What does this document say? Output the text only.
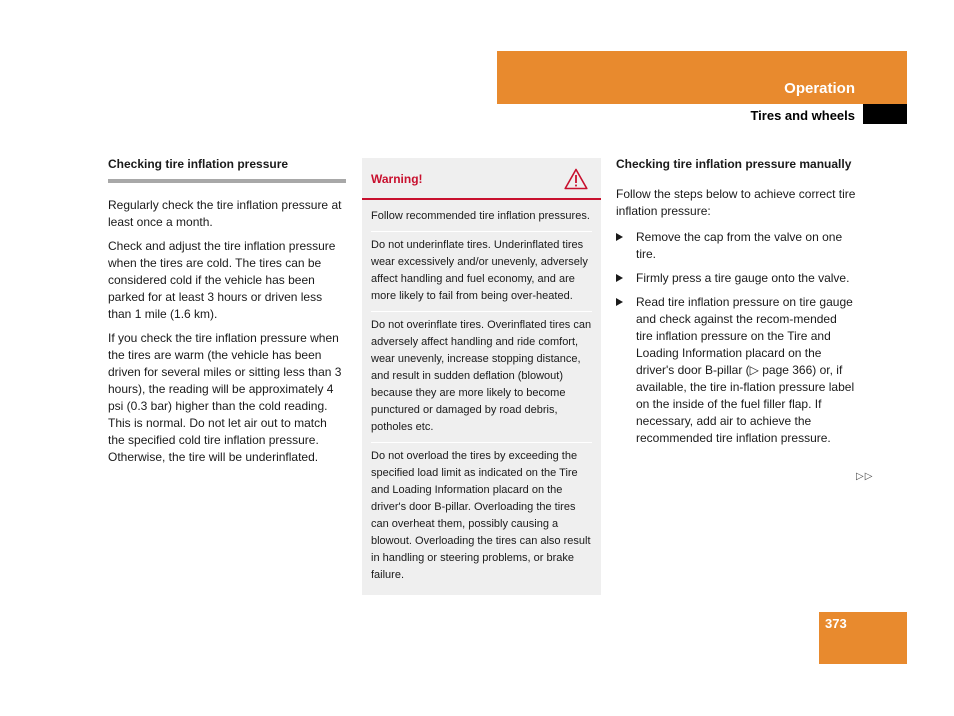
Operation
Tires and wheels
Checking tire inflation pressure

Regularly check the tire inflation pressure at least once a month.

Check and adjust the tire inflation pressure when the tires are cold. The tires can be considered cold if the vehicle has been parked for at least 3 hours or driven less than 1 mile (1.6 km).

If you check the tire inflation pressure when the tires are warm (the vehicle has been driven for several miles or sitting less than 3 hours), the reading will be approximately 4 psi (0.3 bar) higher than the cold reading. This is normal. Do not let air out to match the specified cold tire inflation pressure. Otherwise, the tire will be underinflated.

Warning!

Follow recommended tire inflation pressures.

Do not underinflate tires. Underinflated tires wear excessively and/or unevenly, adversely affect handling and fuel economy, and are more likely to fail from being over-heated.

Do not overinflate tires. Overinflated tires can adversely affect handling and ride comfort, wear unevenly, increase stopping distance, and result in sudden deflation (blowout) because they are more likely to become punctured or damaged by road debris, potholes etc.

Do not overload the tires by exceeding the specified load limit as indicated on the Tire and Loading Information placard on the driver's door B-pillar. Overloading the tires can overheat them, possibly causing a blowout. Overloading the tires can also result in handling or steering problems, or brake failure.

Checking tire inflation pressure manually

Follow the steps below to achieve correct tire inflation pressure:

Remove the cap from the valve on one tire.
Firmly press a tire gauge onto the valve.
Read tire inflation pressure on tire gauge and check against the recom-mended tire inflation pressure on the Tire and Loading Information placard on the driver's door B-pillar (▷ page 366) or, if available, the tire in-flation pressure label on the inside of the fuel filler flap. If necessary, add air to achieve the recommended tire inflation pressure.
▷▷
373
